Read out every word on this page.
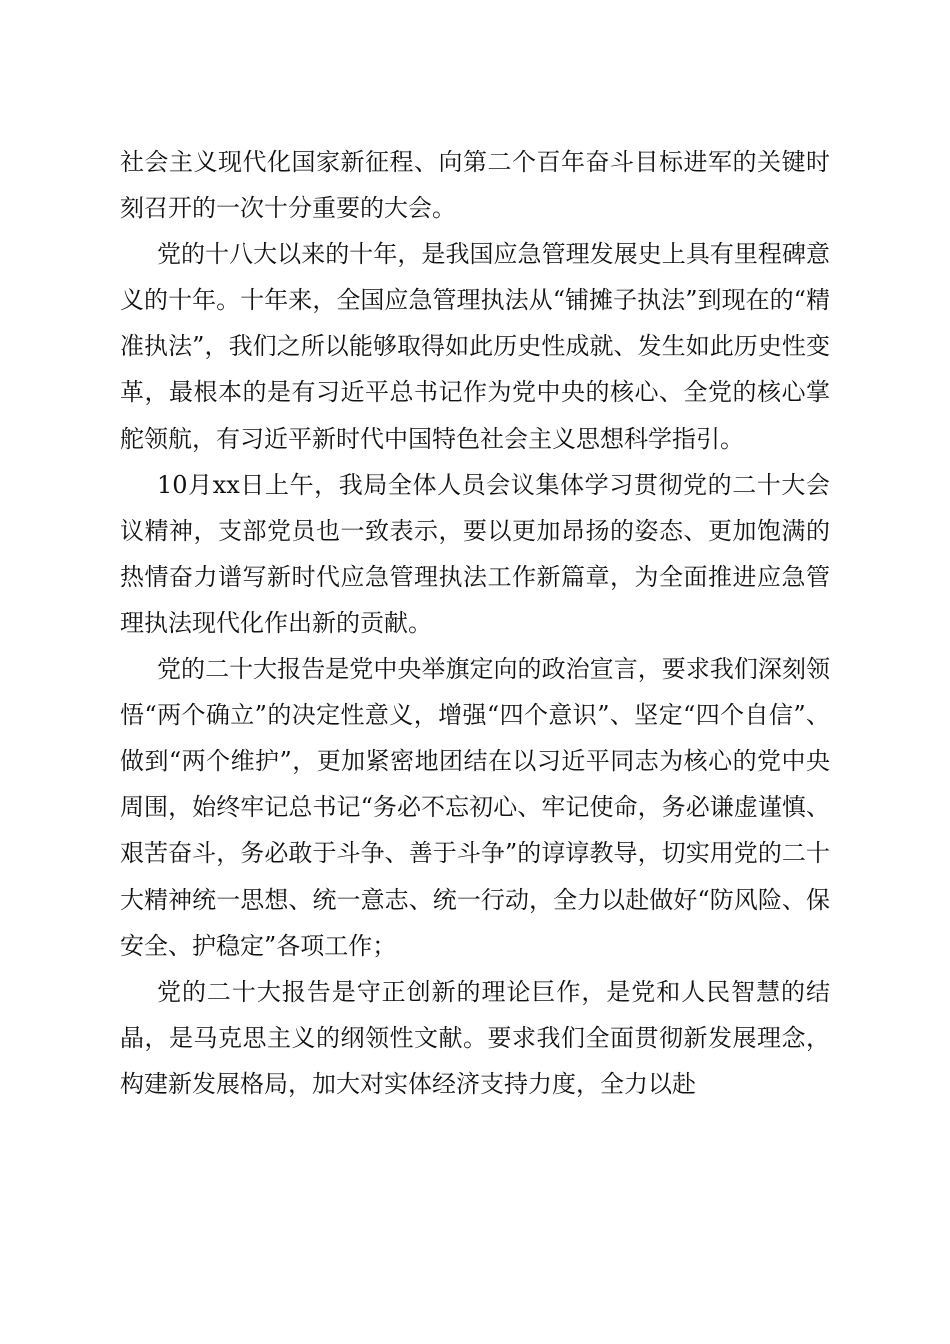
社会主义现代化国家新征程、向第二个百年奋斗目标进军的关键时刻召开的一次十分重要的大会。

党的十八大以来的十年，是我国应急管理发展史上具有里程碑意义的十年。十年来，全国应急管理执法从“铺摊子执法”到现在的“精准执法”，我们之所以能够取得如此历史性成就、发生如此历史性变革，最根本的是有习近平总书记作为党中央的核心、全党的核心掌舵领航，有习近平新时代中国特色社会主义思想科学指引。

10月xx日上午，我局全体人员会议集体学习贯彻党的二十大会议精神，支部党员也一致表示，要以更加昂扬的姿态、更加饱满的热情奋力谱写新时代应急管理执法工作新篇章，为全面推进应急管理执法现代化作出新的贡献。

党的二十大报告是党中央举旗定向的政治宣言，要求我们深刻领悟“两个确立”的决定性意义，增强“四个意识”、坚定“四个自信”、做到“两个维护”，更加紧密地团结在以习近平同志为核心的党中央周围，始终牢记总书记“务必不忘初心、牢记使命，务必谦虚谨慎、艰苦奋斗，务必敢于斗争、善于斗争”的谆谆教导，切实用党的二十大精神统一思想、统一意志、统一行动，全力以赴做好“防风险、保安全、护稳定”各项工作；

党的二十大报告是守正创新的理论巨作，是党和人民智慧的结晶，是马克思主义的纲领性文献。要求我们全面贯彻新发展理念，构建新发展格局，加大对实体经济支持力度，全力以赴
